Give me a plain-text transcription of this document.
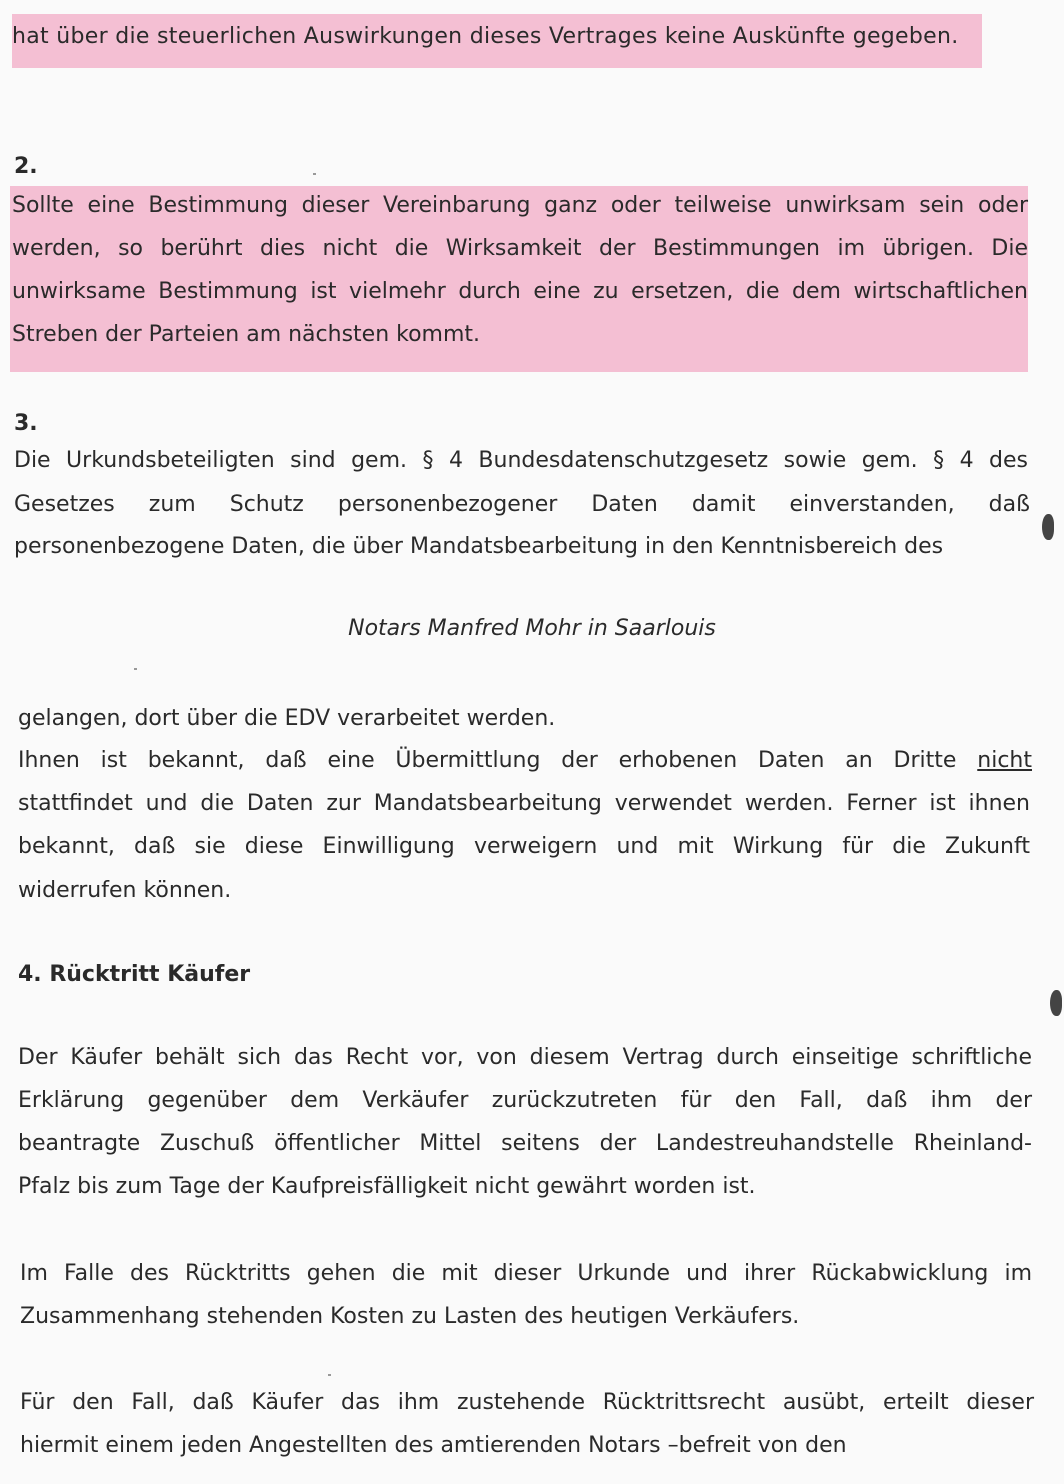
hat über die steuerlichen Auswirkungen dieses Vertrages keine Auskünfte gegeben.
2.
Sollte eine Bestimmung dieser Vereinbarung ganz oder teilweise unwirksam sein oder
werden, so berührt dies nicht die Wirksamkeit der Bestimmungen im übrigen. Die
unwirksame Bestimmung ist vielmehr durch eine zu ersetzen, die dem wirtschaftlichen
Streben der Parteien am nächsten kommt.
3.
Die Urkundsbeteiligten sind gem. § 4 Bundesdatenschutzgesetz sowie gem. § 4 des
Gesetzes zum Schutz personenbezogener Daten damit einverstanden, daß
personenbezogene Daten, die über Mandatsbearbeitung in den Kenntnisbereich des
Notars Manfred Mohr in Saarlouis
gelangen, dort über die EDV verarbeitet werden.
Ihnen ist bekannt, daß eine Übermittlung der erhobenen Daten an Dritte nicht
stattfindet und die Daten zur Mandatsbearbeitung verwendet werden. Ferner ist ihnen
bekannt, daß sie diese Einwilligung verweigern und mit Wirkung für die Zukunft
widerrufen können.
4. Rücktritt Käufer
Der Käufer behält sich das Recht vor, von diesem Vertrag durch einseitige schriftliche
Erklärung gegenüber dem Verkäufer zurückzutreten für den Fall, daß ihm der
beantragte Zuschuß öffentlicher Mittel seitens der Landestreuhandstelle Rheinland-
Pfalz bis zum Tage der Kaufpreisfälligkeit nicht gewährt worden ist.
Im Falle des Rücktritts gehen die mit dieser Urkunde und ihrer Rückabwicklung im
Zusammenhang stehenden Kosten zu Lasten des heutigen Verkäufers.
Für den Fall, daß Käufer das ihm zustehende Rücktrittsrecht ausübt, erteilt dieser
hiermit einem jeden Angestellten des amtierenden Notars –befreit von den
